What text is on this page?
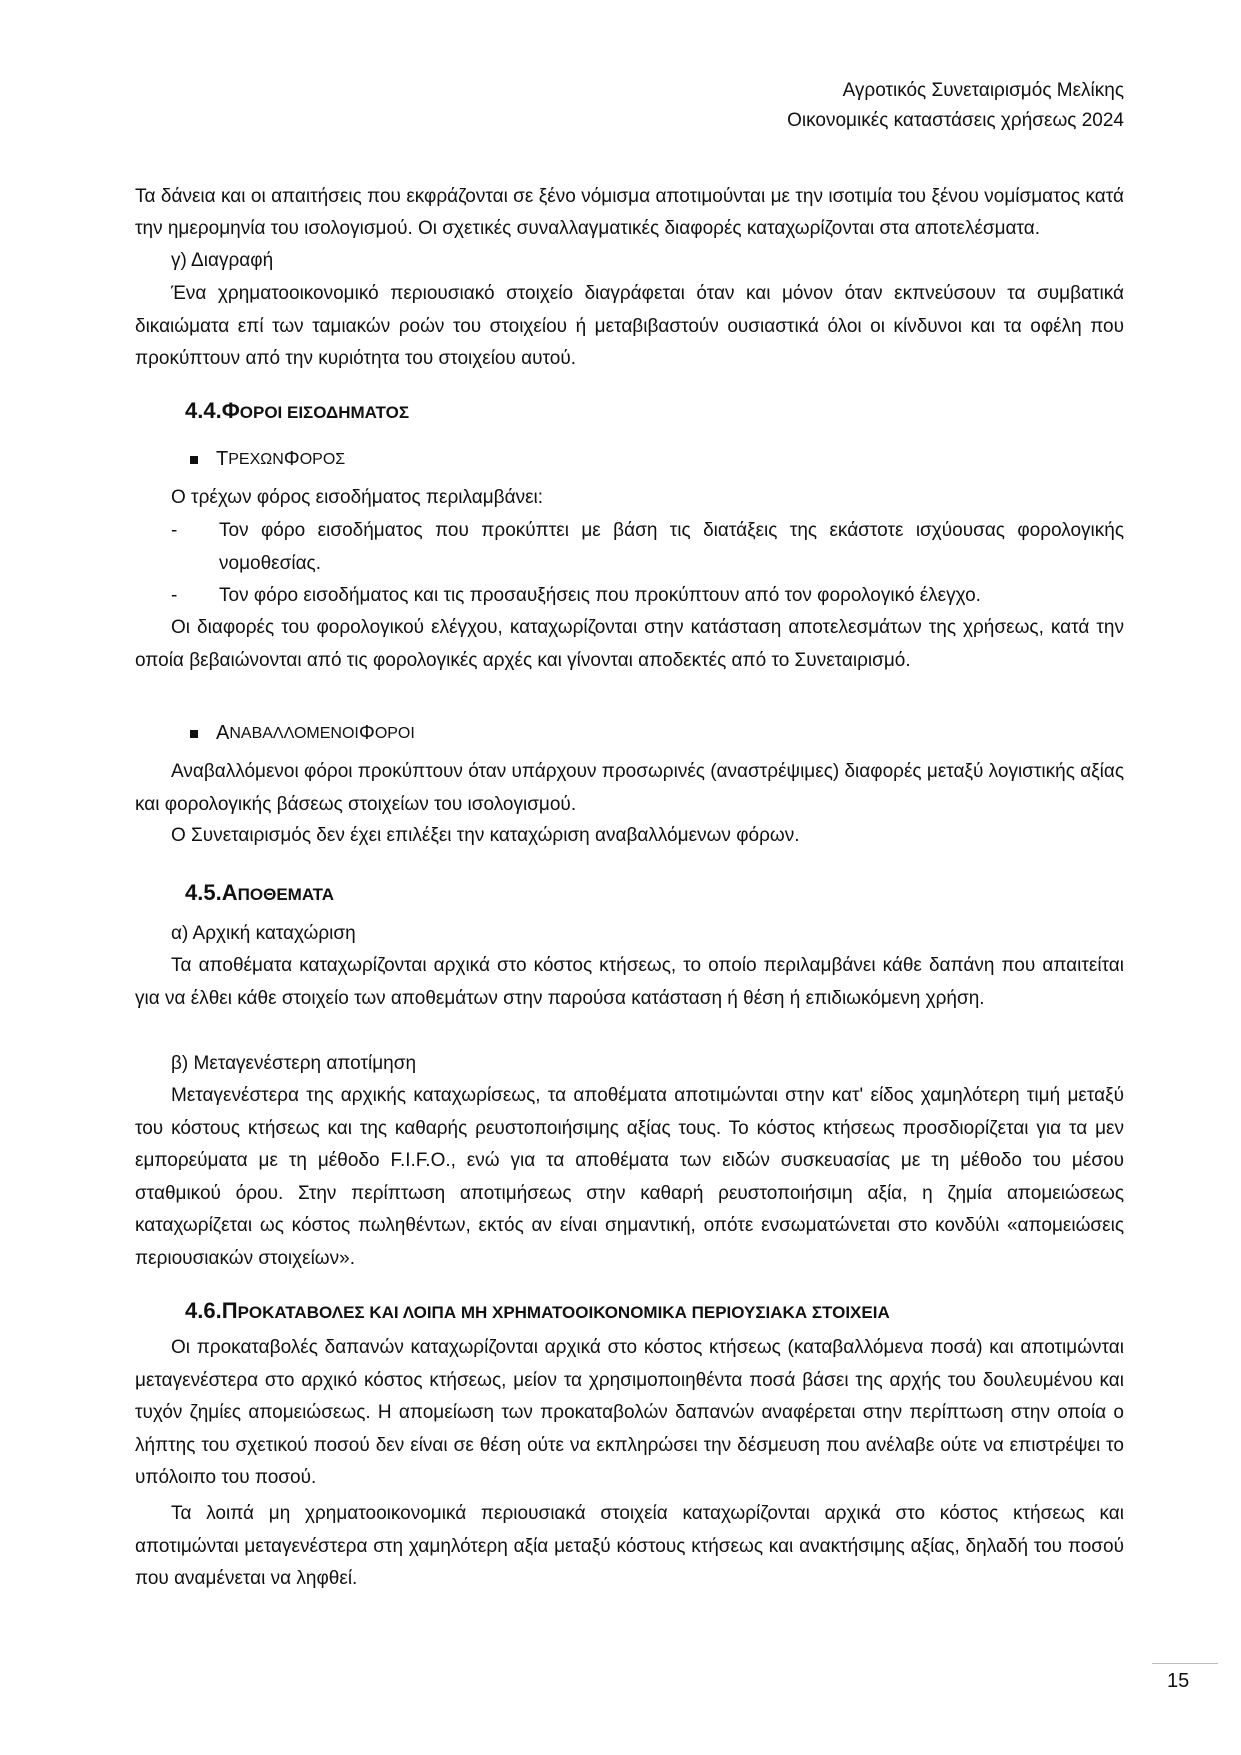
Αγροτικός Συνεταιρισμός Μελίκης
Οικονομικές καταστάσεις χρήσεως 2024

Τα δάνεια και οι απαιτήσεις που εκφράζονται σε ξένο νόμισμα αποτιμούνται με την ισοτιμία του ξένου νομίσματος κατά την ημερομηνία του ισολογισμού. Οι σχετικές συναλλαγματικές διαφορές καταχωρίζονται στα αποτελέσματα.

γ) Διαγραφή

Ένα χρηματοοικονομικό περιουσιακό στοιχείο διαγράφεται όταν και μόνον όταν εκπνεύσουν τα συμβατικά δικαιώματα επί των ταμιακών ροών του στοιχείου ή μεταβιβαστούν ουσιαστικά όλοι οι κίνδυνοι και τα οφέλη που προκύπτουν από την κυριότητα του στοιχείου αυτού.

4.4.ΦΟΡΟΙ ΕΙΣΟΔΗΜΑΤΟΣ
Τ ΡΕΧΩΝ Φ ΟΡΟΣ

Ο τρέχων φόρος εισοδήματος περιλαμβάνει:

-	Τον φόρο εισοδήματος που προκύπτει με βάση τις διατάξεις της εκάστοτε ισχύουσας φορολογικής νομοθεσίας.
-	Τον φόρο εισοδήματος και τις προσαυξήσεις που προκύπτουν από τον φορολογικό έλεγχο.

Οι διαφορές του φορολογικού ελέγχου, καταχωρίζονται στην κατάσταση αποτελεσμάτων της χρήσεως, κατά την οποία βεβαιώνονται από τις φορολογικές αρχές και γίνονται αποδεκτές από το Συνεταιρισμό.

Α ΝΑΒΑΛΛΟΜΕΝΟΙ Φ ΟΡΟΙ

Αναβαλλόμενοι φόροι προκύπτουν όταν υπάρχουν προσωρινές (αναστρέψιμες) διαφορές μεταξύ λογιστικής αξίας και φορολογικής βάσεως στοιχείων του ισολογισμού.

Ο Συνεταιρισμός δεν έχει επιλέξει την καταχώριση αναβαλλόμενων φόρων.

4.5.ΑΠΟΘΕΜΑΤΑ

α) Αρχική καταχώριση

Τα αποθέματα καταχωρίζονται αρχικά στο κόστος κτήσεως, το οποίο περιλαμβάνει κάθε δαπάνη που απαιτείται για να έλθει κάθε στοιχείο των αποθεμάτων στην παρούσα κατάσταση ή θέση ή επιδιωκόμενη χρήση.

β) Μεταγενέστερη αποτίμηση

Μεταγενέστερα της αρχικής καταχωρίσεως, τα αποθέματα αποτιμώνται στην κατ' είδος χαμηλότερη τιμή μεταξύ του κόστους κτήσεως και της καθαρής ρευστοποιήσιμης αξίας τους. Το κόστος κτήσεως προσδιορίζεται για τα μεν εμπορεύματα με τη μέθοδο F.I.F.O., ενώ για τα αποθέματα των ειδών συσκευασίας με τη μέθοδο του μέσου σταθμικού όρου. Στην περίπτωση αποτιμήσεως στην καθαρή ρευστοποιήσιμη αξία, η ζημία απομειώσεως καταχωρίζεται ως κόστος πωληθέντων, εκτός αν είναι σημαντική, οπότε ενσωματώνεται στο κονδύλι «απομειώσεις περιουσιακών στοιχείων».

4.6.ΠΡΟΚΑΤΑΒΟΛΕΣ ΚΑΙ ΛΟΙΠΑ ΜΗ ΧΡΗΜΑΤΟΟΙΚΟΝΟΜΙΚΑ ΠΕΡΙΟΥΣΙΑΚΑ ΣΤΟΙΧΕΙΑ

Οι προκαταβολές δαπανών καταχωρίζονται αρχικά στο κόστος κτήσεως (καταβαλλόμενα ποσά) και αποτιμώνται μεταγενέστερα στο αρχικό κόστος κτήσεως, μείον τα χρησιμοποιηθέντα ποσά βάσει της αρχής του δουλευμένου και τυχόν ζημίες απομειώσεως. Η απομείωση των προκαταβολών δαπανών αναφέρεται στην περίπτωση στην οποία ο λήπτης του σχετικού ποσού δεν είναι σε θέση ούτε να εκπληρώσει την δέσμευση που ανέλαβε ούτε να επιστρέψει το υπόλοιπο του ποσού.

Τα λοιπά μη χρηματοοικονομικά περιουσιακά στοιχεία καταχωρίζονται αρχικά στο κόστος κτήσεως και αποτιμώνται μεταγενέστερα στη χαμηλότερη αξία μεταξύ κόστους κτήσεως και ανακτήσιμης αξίας, δηλαδή του ποσού που αναμένεται να ληφθεί.

15
